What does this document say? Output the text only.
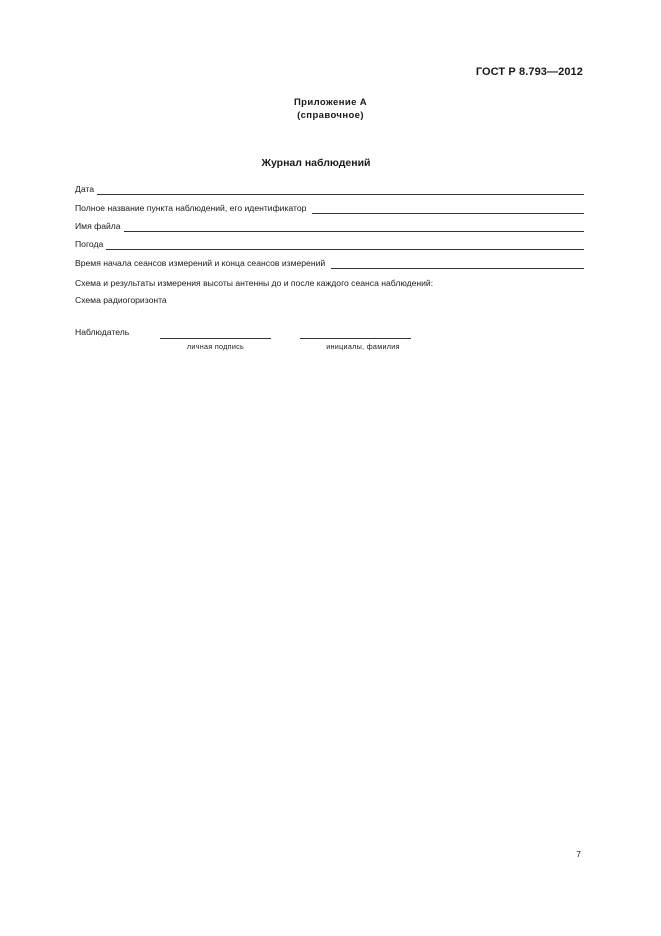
ГОСТ Р 8.793—2012
Приложение А
(справочное)
Журнал наблюдений
Дата
Полное название пункта наблюдений, его идентификатор
Имя файла
Погода
Время начала сеансов измерений и конца сеансов измерений
Схема и результаты измерения высоты антенны до и после каждого сеанса наблюдений:
Схема радиогоризонта
Наблюдатель
личная подпись	инициалы, фамилия
7
